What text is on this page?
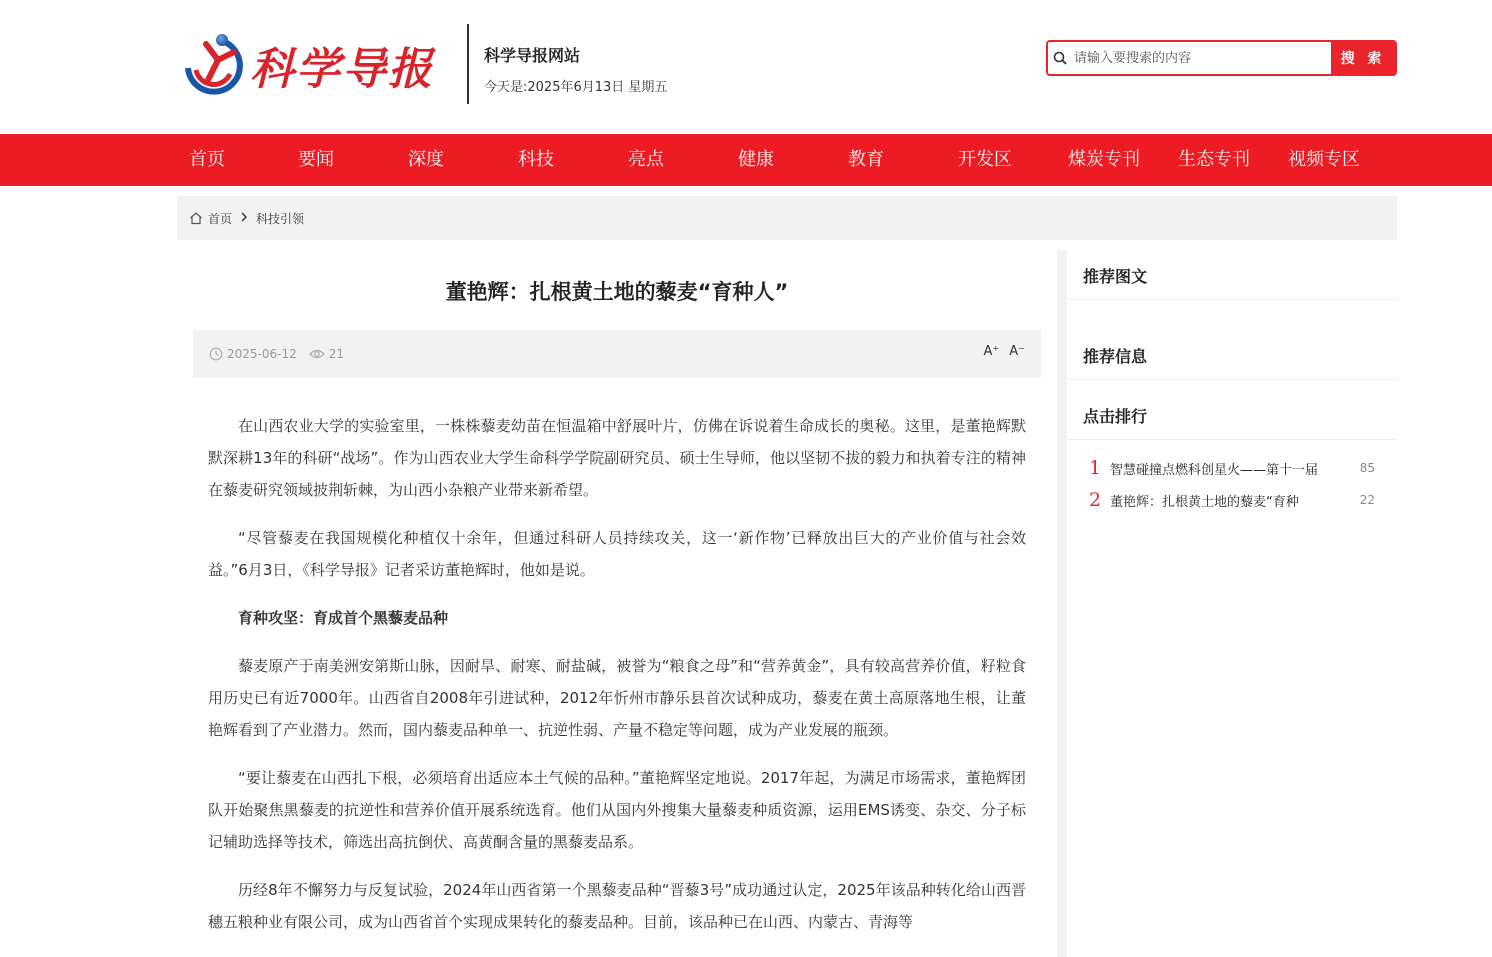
科学导报	科学导报网站
今天是:2025年6月13日 星期五
请输入要搜索的内容
搜 索
首页	要闻	深度	科技	亮点	健康	教育	开发区	煤炭专刊 生态专刊 视频专区
首页 科技引领
董艳辉：扎根黄土地的藜麦“育种人”
2025-06-12	21	A⁺ A⁻

在山西农业大学的实验室里，一株株藜麦幼苗在恒温箱中舒展叶片，仿佛在诉说着生命成长的奥秘。这里，是董艳辉默默深耕13年的科研“战场”。作为山西农业大学生命科学学院副研究员、硕士生导师，他以坚韧不拔的毅力和执着专注的精神在藜麦研究领域披荆斩棘，为山西小杂粮产业带来新希望。

“尽管藜麦在我国规模化种植仅十余年，但通过科研人员持续攻关，这一‘新作物’已释放出巨大的产业价值与社会效益。”6月3日，《科学导报》记者采访董艳辉时，他如是说。

育种攻坚：育成首个黑藜麦品种

藜麦原产于南美洲安第斯山脉，因耐旱、耐寒、耐盐碱，被誉为“粮食之母”和“营养黄金”，具有较高营养价值，籽粒食用历史已有近7000年。山西省自2008年引进试种，2012年忻州市静乐县首次试种成功，藜麦在黄土高原落地生根，让董艳辉看到了产业潜力。然而，国内藜麦品种单一、抗逆性弱、产量不稳定等问题，成为产业发展的瓶颈。

“要让藜麦在山西扎下根，必须培育出适应本土气候的品种。”董艳辉坚定地说。2017年起，为满足市场需求，董艳辉团队开始聚焦黑藜麦的抗逆性和营养价值开展系统选育。他们从国内外搜集大量藜麦种质资源，运用EMS诱变、杂交、分子标记辅助选择等技术，筛选出高抗倒伏、高黄酮含量的黑藜麦品系。

历经8年不懈努力与反复试验，2024年山西省第一个黑藜麦品种“晋藜3号”成功通过认定，2025年该品种转化给山西晋穗五粮种业有限公司，成为山西省首个实现成果转化的藜麦品种。目前，该品种已在山西、内蒙古、青海等

推荐图文
推荐信息
点击排行
1 智慧碰撞点燃科创星火——第十一届	85
2 董艳辉：扎根黄土地的藜麦“育种	22
